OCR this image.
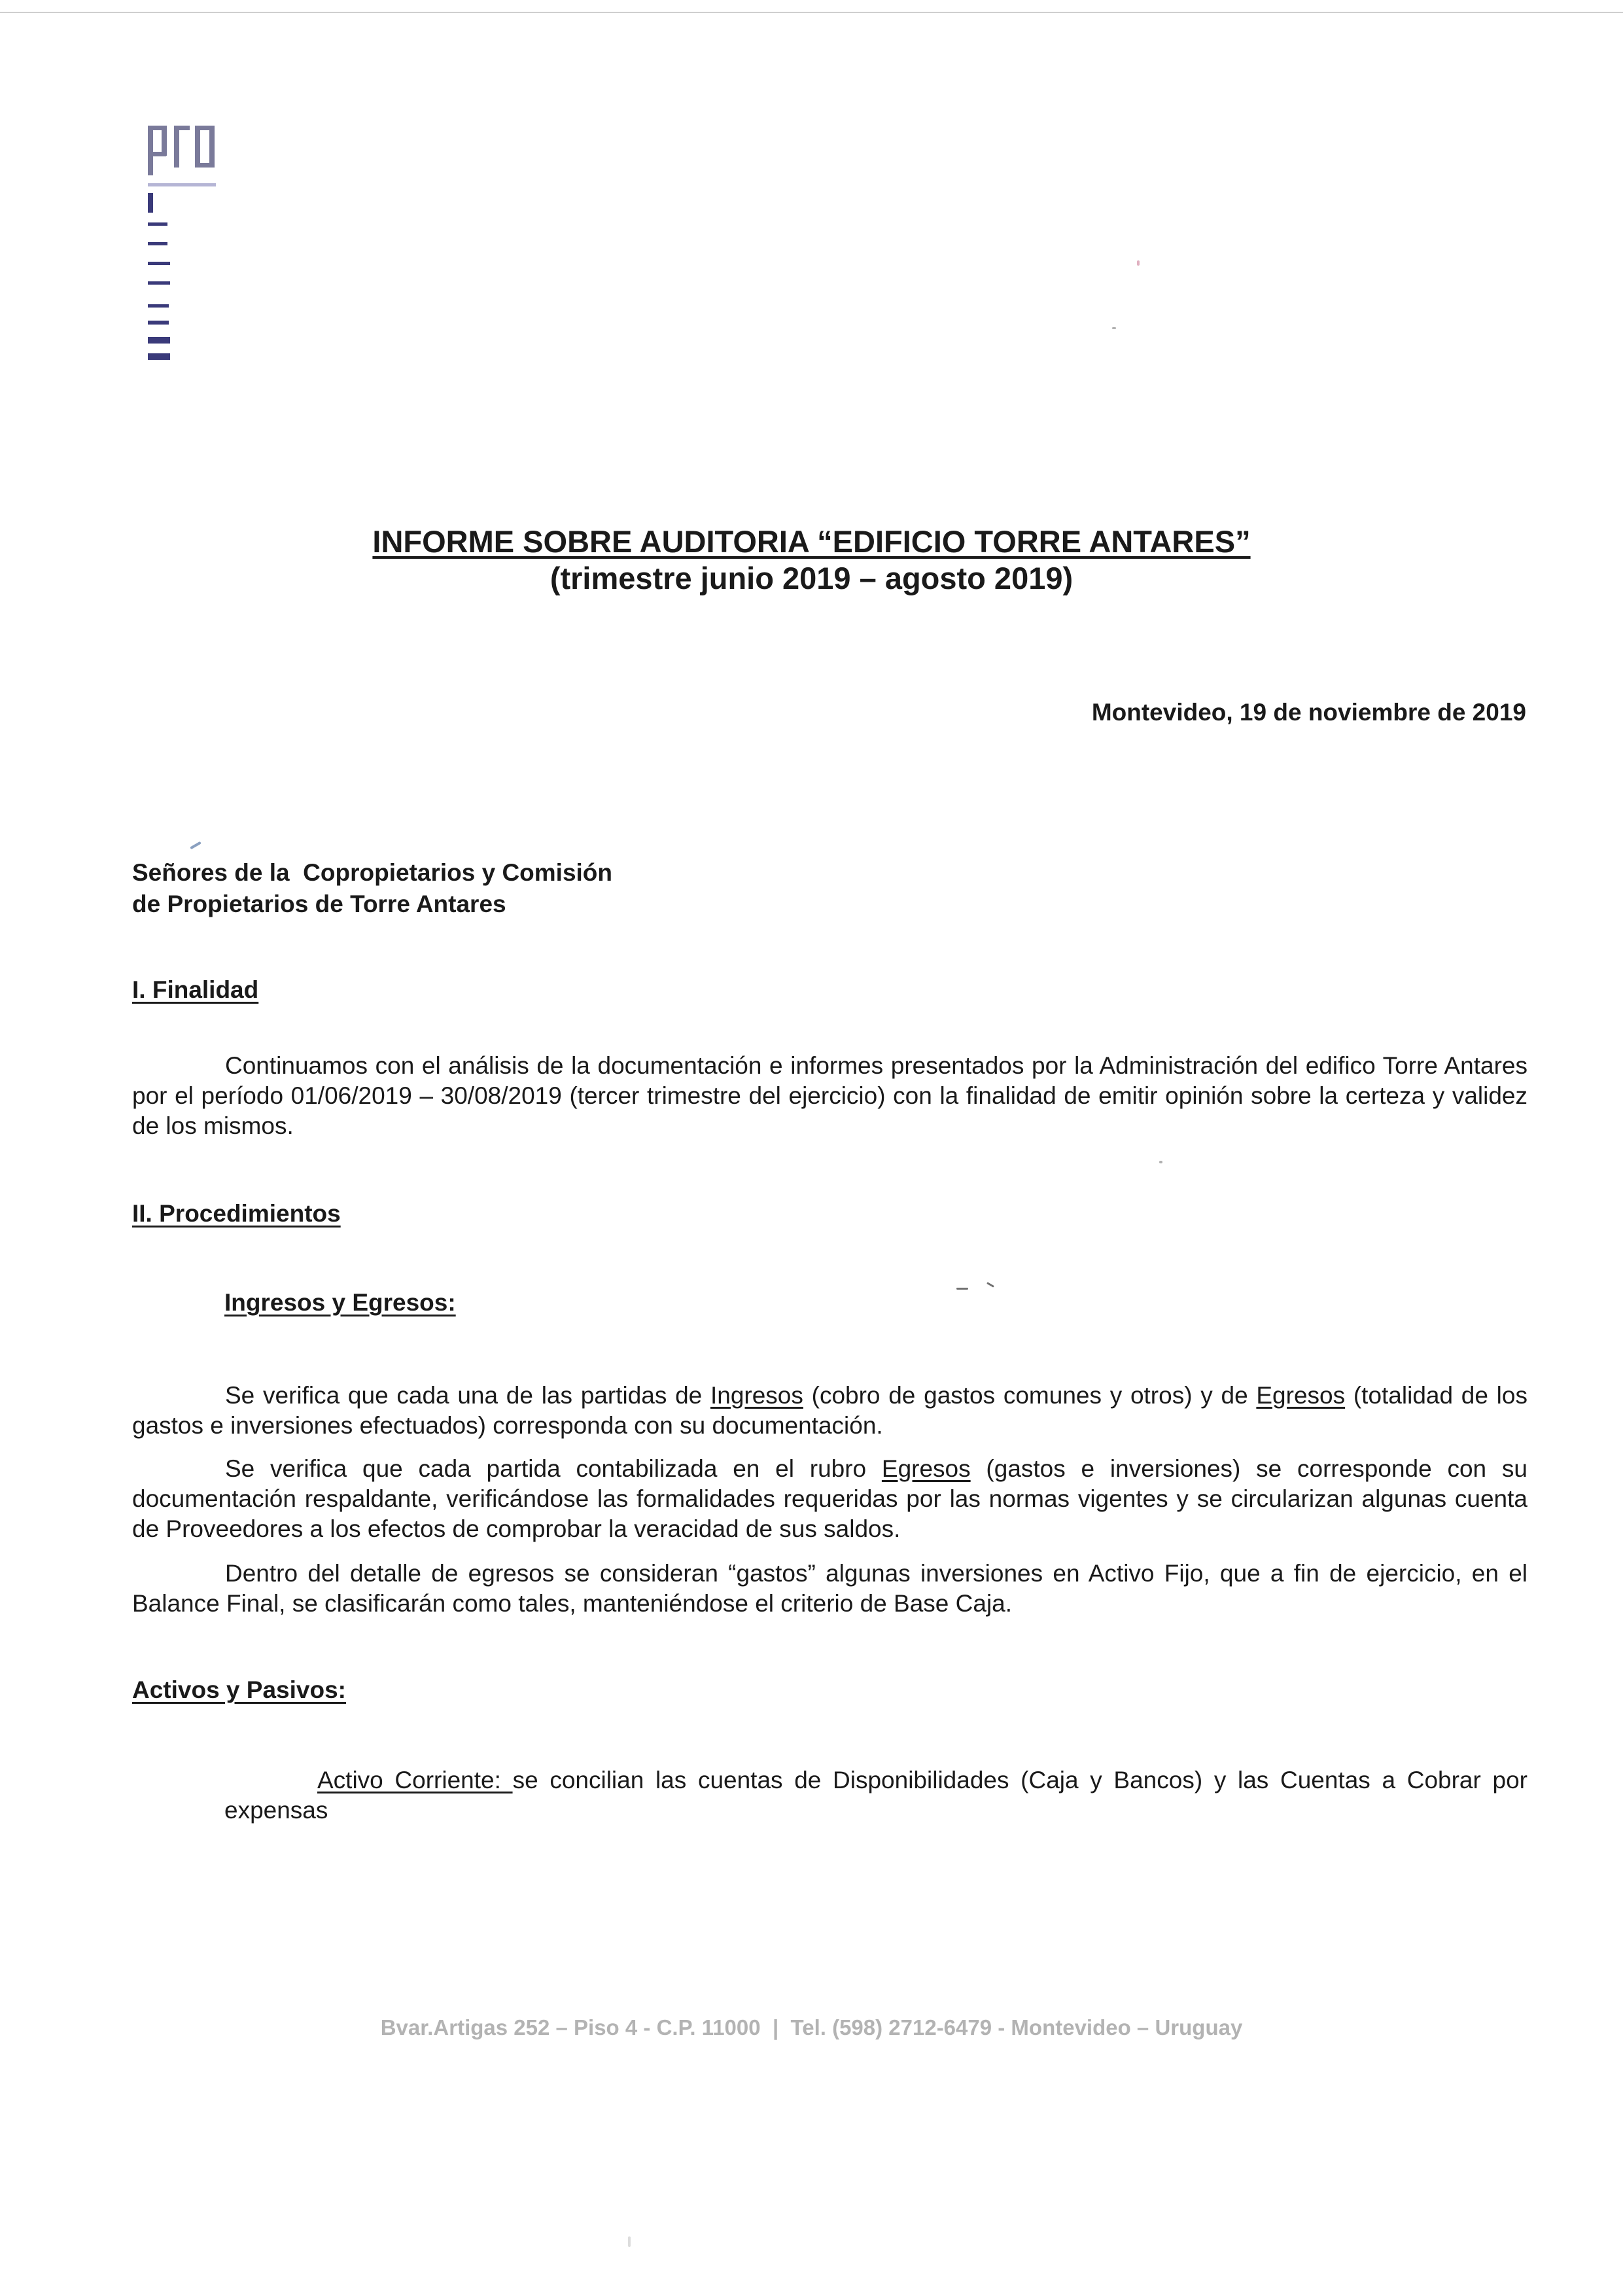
INFORME SOBRE AUDITORIA “EDIFICIO TORRE ANTARES”
(trimestre junio 2019 – agosto 2019)
Montevideo, 19 de noviembre de 2019
Señores de la  Copropietarios y Comisión
de Propietarios de Torre Antares
I. Finalidad
Continuamos con el análisis de la documentación e informes presentados por la Administración del edifico Torre Antares por el período 01/06/2019 – 30/08/2019 (tercer trimestre del ejercicio) con la finalidad de emitir opinión sobre la certeza y validez de los mismos.
II. Procedimientos
Ingresos y Egresos:
Se verifica que cada una de las partidas de Ingresos (cobro de gastos comunes y otros) y de Egresos (totalidad de los gastos e inversiones efectuados) corresponda con su documentación.
Se verifica que cada partida contabilizada en el rubro Egresos (gastos e inversiones) se corresponde con su documentación respaldante, verificándose las formalidades requeridas por las normas vigentes y se circularizan algunas cuenta de Proveedores a los efectos de comprobar la veracidad de sus saldos.
Dentro del detalle de egresos se consideran “gastos” algunas inversiones en Activo Fijo, que a fin de ejercicio, en el Balance Final, se clasificarán como tales, manteniéndose el criterio de Base Caja.
Activos y Pasivos:
Activo Corriente: se concilian las cuentas de Disponibilidades (Caja y Bancos) y las Cuentas a Cobrar por expensas
Bvar.Artigas 252 – Piso 4 - C.P. 11000  |  Tel. (598) 2712-6479 - Montevideo – Uruguay
